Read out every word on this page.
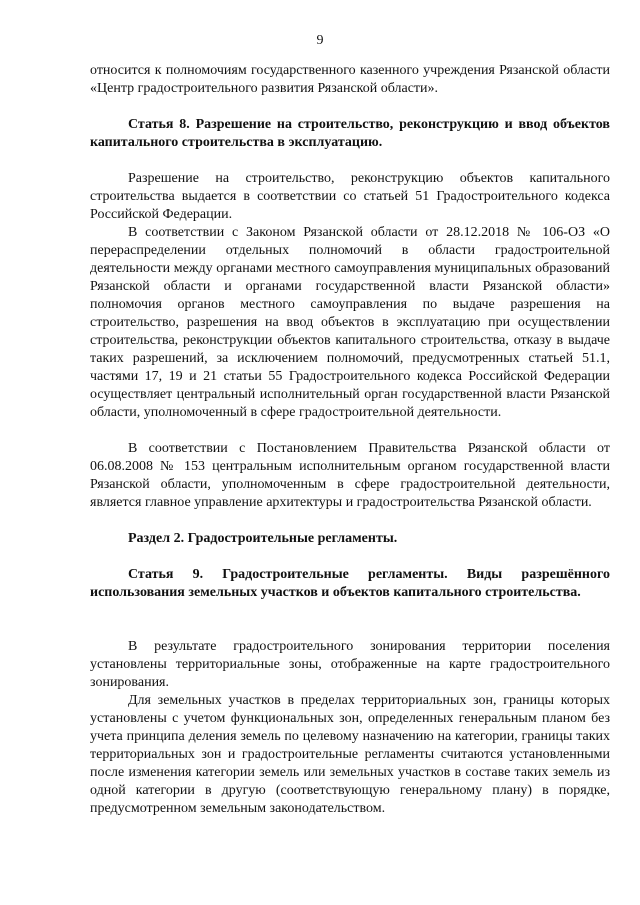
9

относится к полномочиям государственного казенного учреждения Рязанской области «Центр градостроительного развития Рязанской области».

Статья 8. Разрешение на строительство, реконструкцию и ввод объектов капитального строительства в эксплуатацию.

Разрешение на строительство, реконструкцию объектов капитального строительства выдается в соответствии со статьей 51 Градостроительного кодекса Российской Федерации.

В соответствии с Законом Рязанской области от 28.12.2018 № 106-ОЗ «О перераспределении отдельных полномочий в области градостроительной деятельности между органами местного самоуправления муниципальных образований Рязанской области и органами государственной власти Рязанской области» полномочия органов местного самоуправления по выдаче разрешения на строительство, разрешения на ввод объектов в эксплуатацию при осуществлении строительства, реконструкции объектов капитального строительства, отказу в выдаче таких разрешений, за исключением полномочий, предусмотренных статьей 51.1, частями 17, 19 и 21 статьи 55 Градостроительного кодекса Российской Федерации осуществляет центральный исполнительный орган государственной власти Рязанской области, уполномоченный в сфере градостроительной деятельности.

В соответствии с Постановлением Правительства Рязанской области от 06.08.2008 № 153 центральным исполнительным органом государственной власти Рязанской области, уполномоченным в сфере градостроительной деятельности, является главное управление архитектуры и градостроительства Рязанской области.

Раздел 2. Градостроительные регламенты.

Статья 9. Градостроительные регламенты. Виды разрешённого использования земельных участков и объектов капитального строительства.

В результате градостроительного зонирования территории поселения установлены территориальные зоны, отображенные на карте градостроительного зонирования.

Для земельных участков в пределах территориальных зон, границы которых установлены с учетом функциональных зон, определенных генеральным планом без учета принципа деления земель по целевому назначению на категории, границы таких территориальных зон и градостроительные регламенты считаются установленными после изменения категории земель или земельных участков в составе таких земель из одной категории в другую (соответствующую генеральному плану) в порядке, предусмотренном земельным законодательством.
